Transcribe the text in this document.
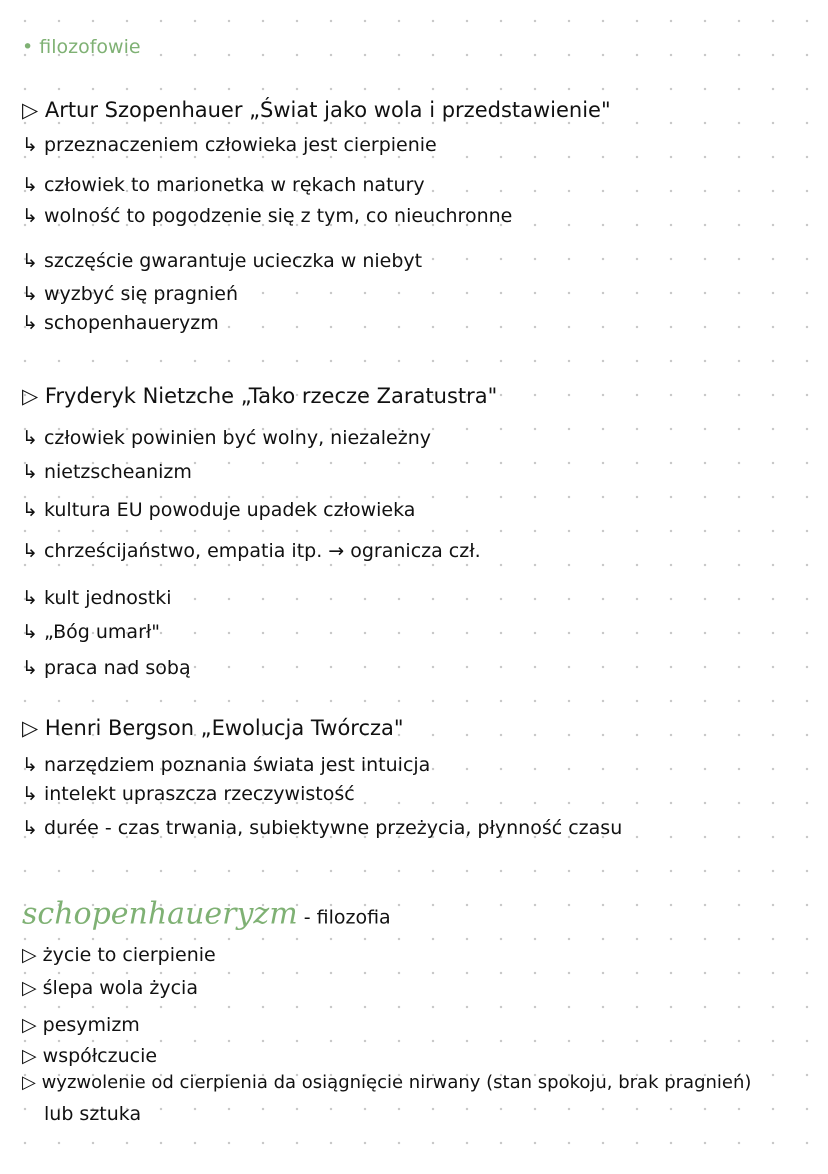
• filozofowie
▷ Artur Szopenhauer „Świat jako wola i przedstawienie"
↳ przeznaczeniem człowieka jest cierpienie
↳ człowiek to marionetka w rękach natury
↳ wolność to pogodzenie się z tym, co nieuchronne
↳ szczęście gwarantuje ucieczka w niebyt
↳ wyzbyć się pragnień
↳ schopenhaueryzm
▷ Fryderyk Nietzche „Tako rzecze Zaratustra"
↳ człowiek powinien być wolny, niezależny
↳ nietzscheanizm
↳ kultura EU powoduje upadek człowieka
↳ chrześcijaństwo, empatia itp. → ogranicza czł.
↳ kult jednostki
↳ „Bóg umarł"
↳ praca nad sobą
▷ Henri Bergson „Ewolucja Twórcza"
↳ narzędziem poznania świata jest intuicja
↳ intelekt upraszcza rzeczywistość
↳ durée - czas trwania, subiektywne przeżycia, płynność czasu
schopenhaueryzm - filozofia
▷ życie to cierpienie
▷ ślepa wola życia
▷ pesymizm
▷ współczucie
▷ wyzwolenie od cierpienia da osiągnięcie nirwany (stan spokoju, brak pragnień)
lub sztuka
